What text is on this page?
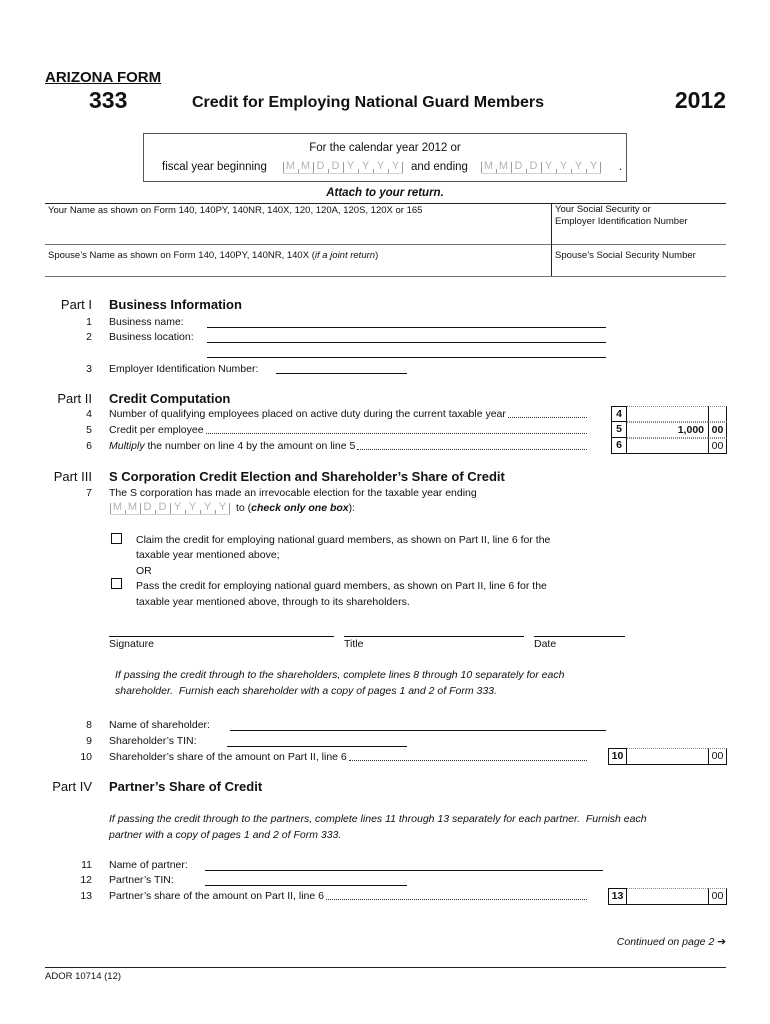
ARIZONA FORM
333	Credit for Employing National Guard Members	2012
For the calendar year 2012 or
fiscal year beginning M M D D Y Y Y Y	and ending M M D D Y Y Y Y	.
Attach to your return.
Your Name as shown on Form 140, 140PY, 140NR, 140X, 120, 120A, 120S, 120X or 165	Your Social Security or
Employer Identification Number
Spouse’s Name as shown on Form 140, 140PY, 140NR, 140X (if a joint return)	Spouse’s Social Security Number
Part I Business Information
1 Business name:
2 Business location:
3 Employer Identification Number:
Part II Credit Computation
4 Number of qualifying employees placed on active duty during the current taxable year
5 Credit per employee
6 Multiply the number on line 4 by the amount on line 5
4
5	1,000 00
6	00
Part III S Corporation Credit Election and Shareholder’s Share of Credit
7 The S corporation has made an irrevocable election for the taxable year ending
M M D D Y Y Y Y to (check only one box):
Claim the credit for employing national guard members, as shown on Part II, line 6 for the
taxable year mentioned above;
OR
Pass the credit for employing national guard members, as shown on Part II, line 6 for the
taxable year mentioned above, through to its shareholders.
Signature	Title	Date
If passing the credit through to the shareholders, complete lines 8 through 10 separately for each
shareholder.  Furnish each shareholder with a copy of pages 1 and 2 of Form 333.
8 Name of shareholder:
9 Shareholder’s TIN:
10 Shareholder’s share of the amount on Part II, line 6	10	00
Part IV Partner’s Share of Credit
If passing the credit through to the partners, complete lines 11 through 13 separately for each partner.  Furnish each
partner with a copy of pages 1 and 2 of Form 333.
11 Name of partner:
12 Partner’s TIN:
13 Partner’s share of the amount on Part II, line 6	13	00
Continued on page 2 ➔
ADOR 10714 (12)
